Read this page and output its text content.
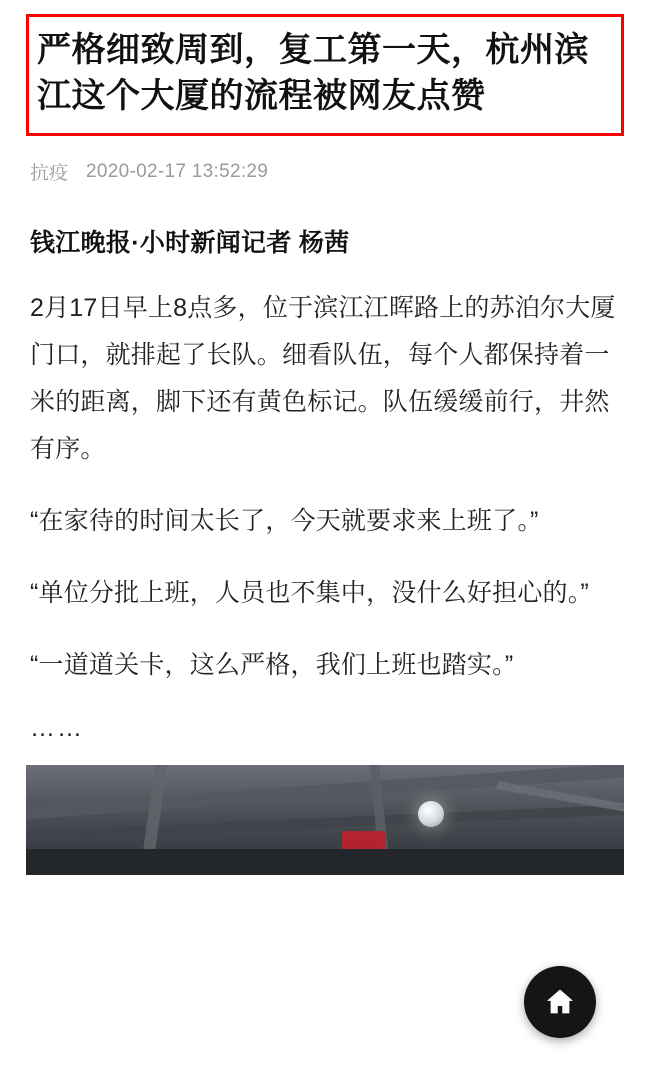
严格细致周到，复工第一天，杭州滨江这个大厦的流程被网友点赞
抗疫 2020-02-17 13:52:29
钱江晚报·小时新闻记者 杨茜

2月17日早上8点多，位于滨江江晖路上的苏泊尔大厦门口，就排起了长队。细看队伍，每个人都保持着一米的距离，脚下还有黄色标记。队伍缓缓前行，井然有序。

“在家待的时间太长了，今天就要求来上班了。”

“单位分批上班，人员也不集中，没什么好担心的。”

“一道道关卡，这么严格，我们上班也踏实。”

……
